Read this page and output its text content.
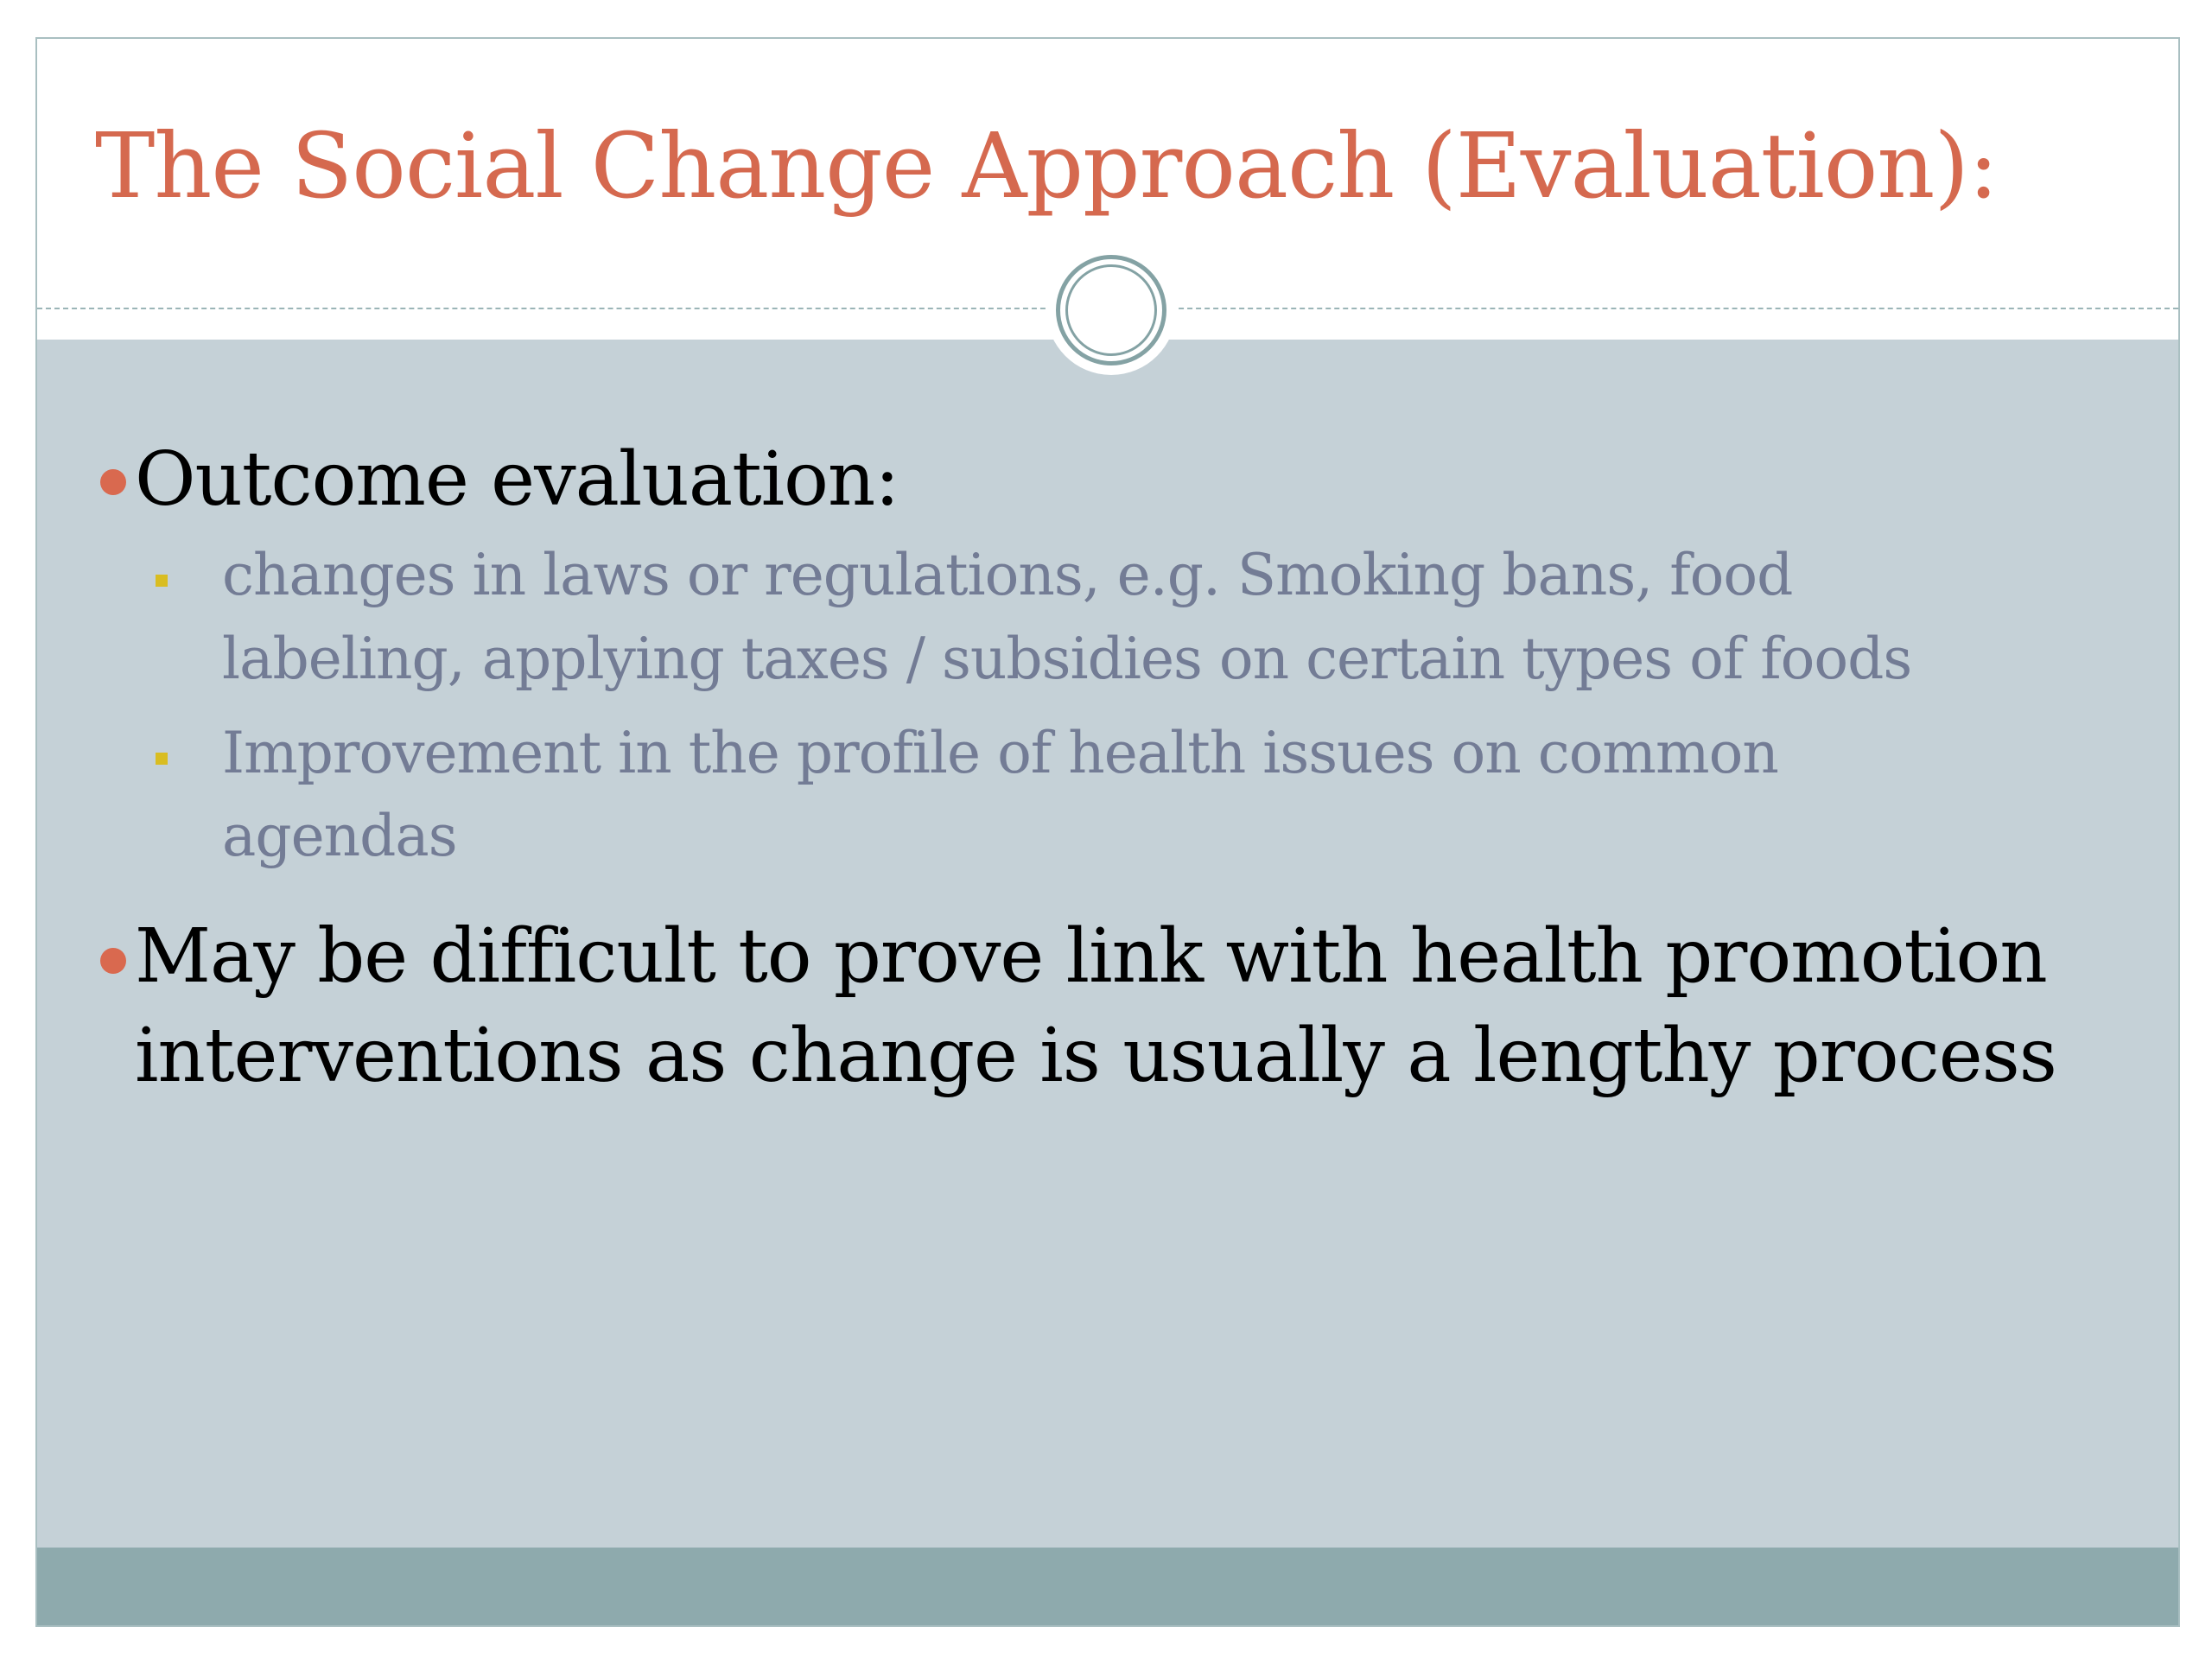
The Social Change Approach (Evaluation):

Outcome evaluation:

changes in laws or regulations, e.g. Smoking bans, food

labeling, applying taxes / subsidies on certain types of foods

Improvement in the profile of health issues on common

agendas

May be difficult to prove link with health promotion

interventions as change is usually a lengthy process
